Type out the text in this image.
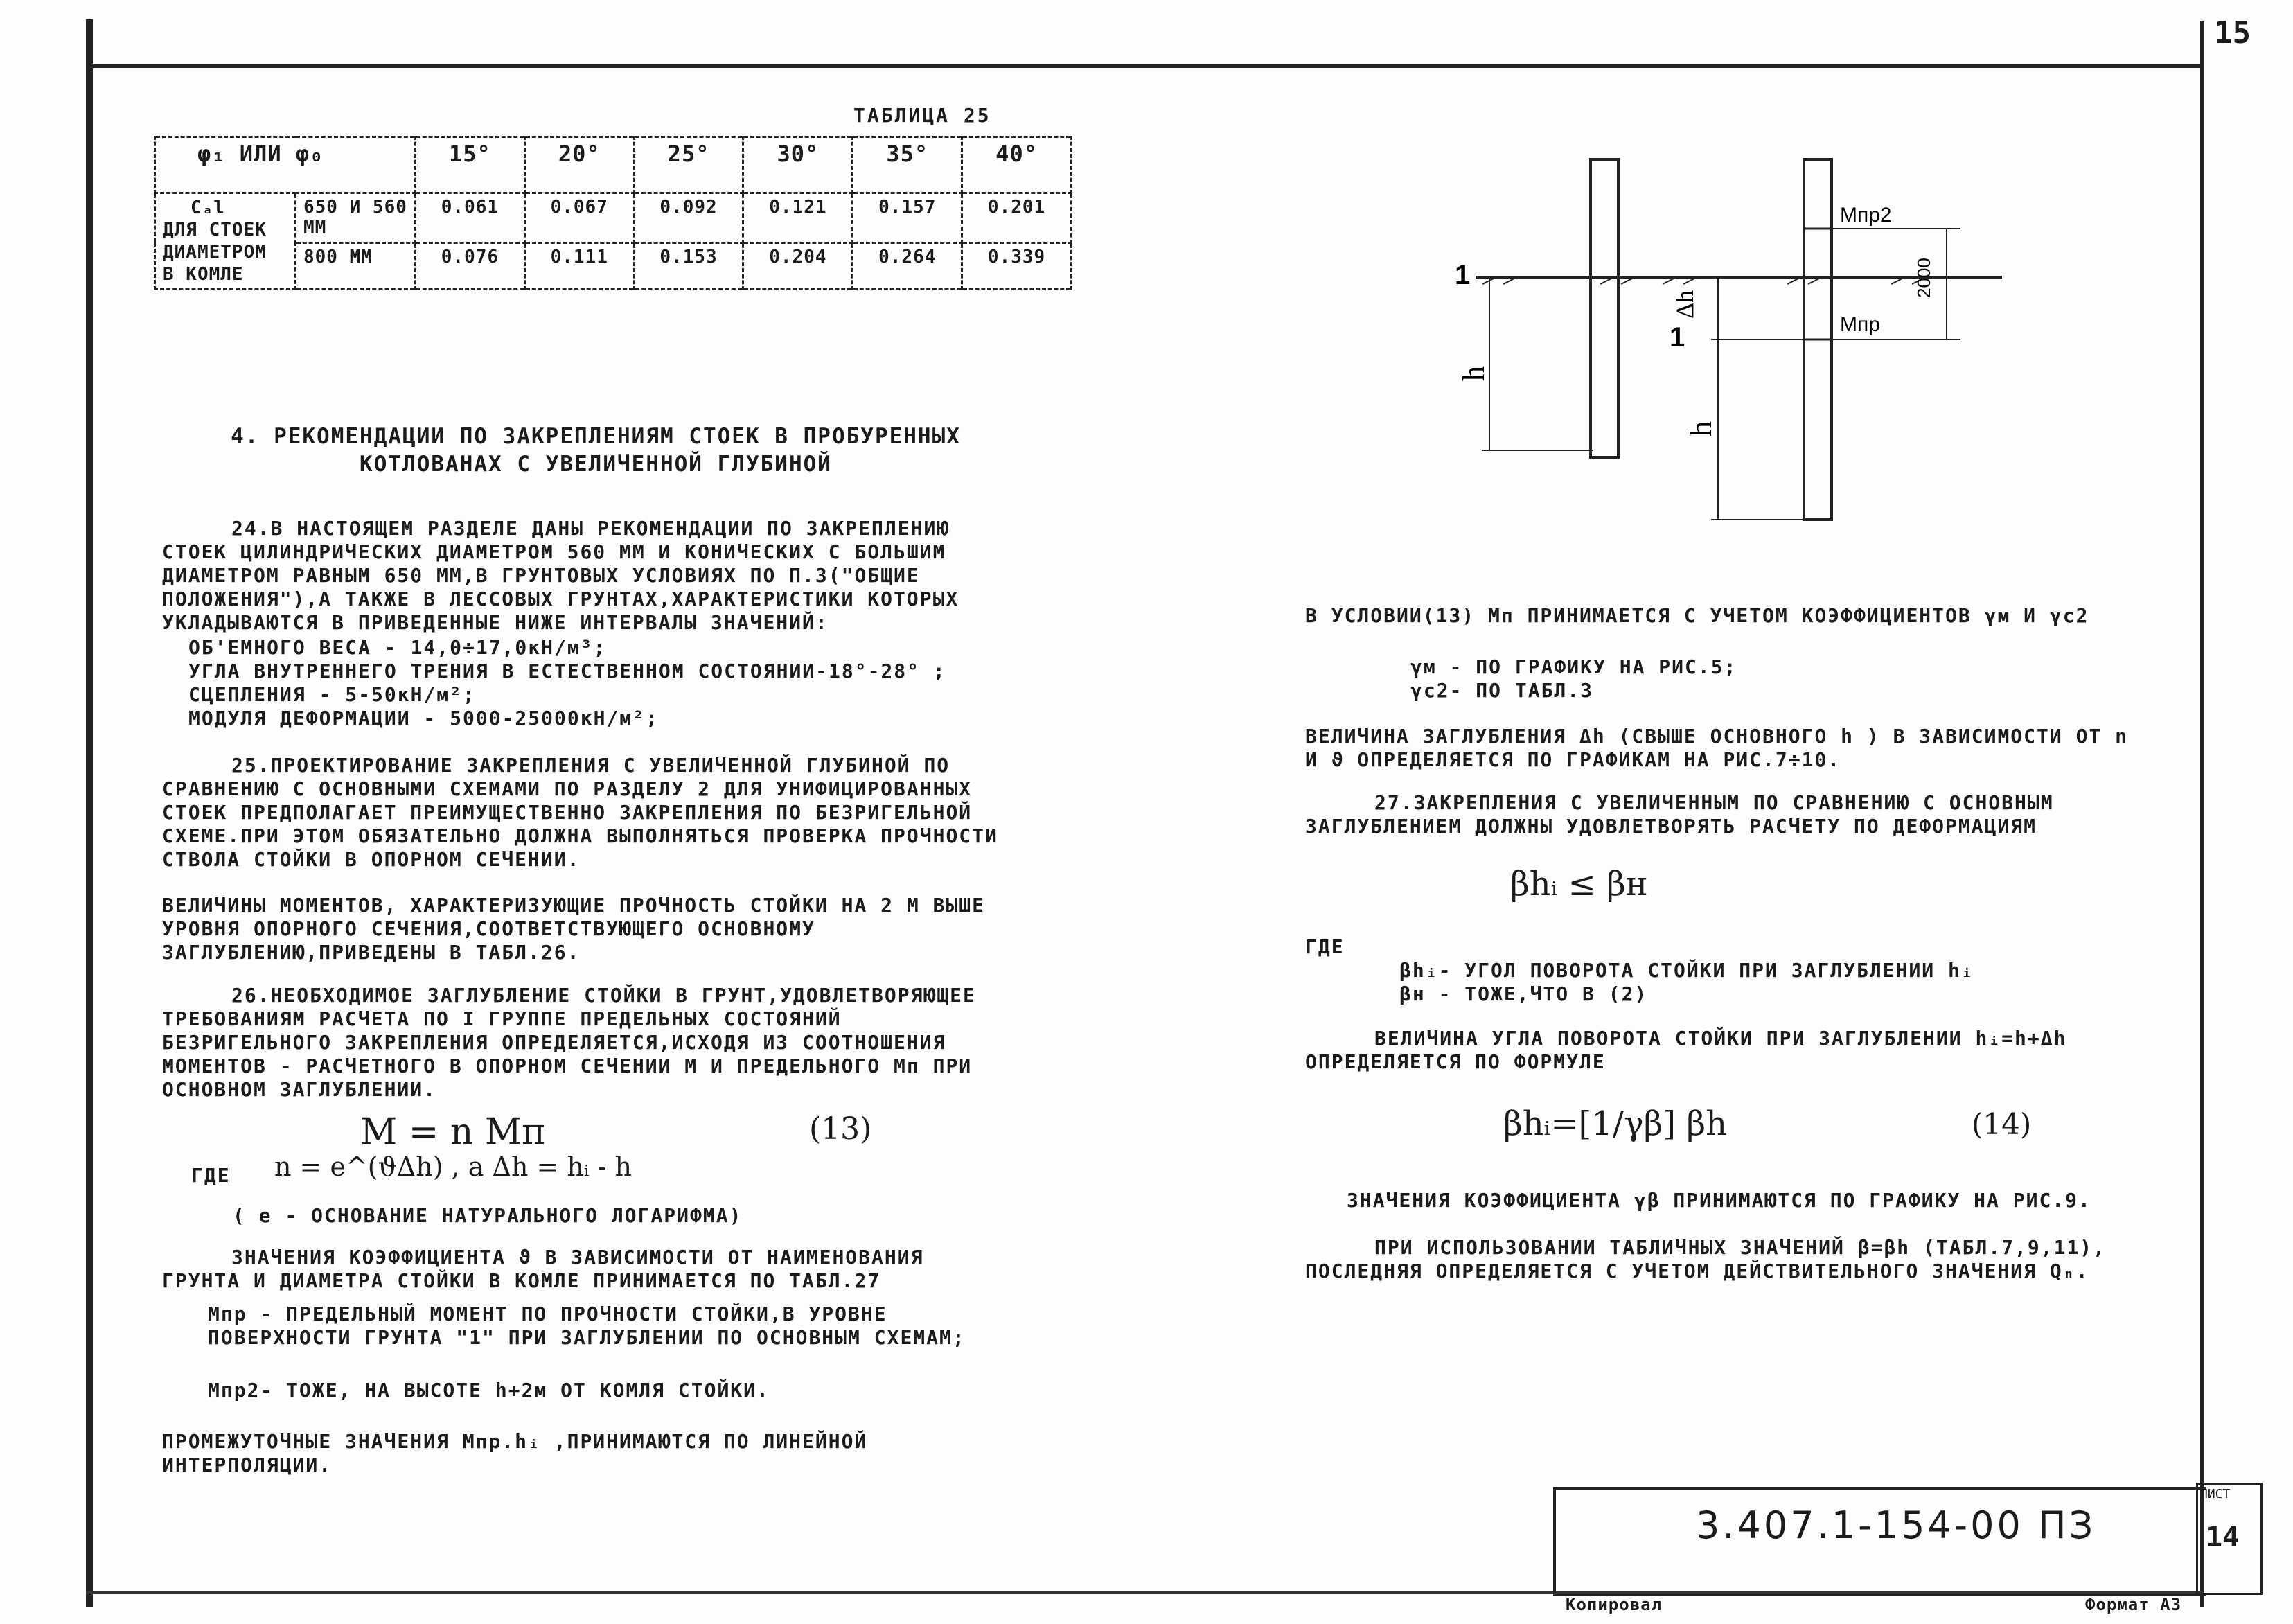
15
ТАБЛИЦА 25
φ₁ ИЛИ φ₀		15°	20°	25°	30°	35°	40°

Cₐl
ДЛЯ СТОЕК
ДИАМЕТРОМ
В КОМЛЕ	650 И 560 ММ	0.061	0.067	0.092	0.121	0.157	0.201
	800 ММ	0.076	0.111	0.153	0.204	0.264	0.339
4. РЕКОМЕНДАЦИИ ПО ЗАКРЕПЛЕНИЯМ СТОЕК В ПРОБУРЕННЫХ КОТЛОВАНАХ С УВЕЛИЧЕННОЙ ГЛУБИНОЙ
24.В НАСТОЯЩЕМ РАЗДЕЛЕ ДАНЫ РЕКОМЕНДАЦИИ ПО ЗАКРЕПЛЕНИЮ СТОЕК ЦИЛИНДРИЧЕСКИХ ДИАМЕТРОМ 560 ММ И КОНИЧЕСКИХ С БОЛЬШИМ ДИАМЕТРОМ РАВНЫМ 650 ММ,В ГРУНТОВЫХ УСЛОВИЯХ ПО П.3("ОБЩИЕ ПОЛОЖЕНИЯ"),А ТАКЖЕ В ЛЕССОВЫХ ГРУНТАХ,ХАРАКТЕРИСТИКИ КОТОРЫХ УКЛАДЫВАЮТСЯ В ПРИВЕДЕННЫЕ НИЖЕ ИНТЕРВАЛЫ ЗНАЧЕНИЙ:
ОБ'ЕМНОГО ВЕСА - 14,0÷17,0кН/м³;
УГЛА ВНУТРЕННЕГО ТРЕНИЯ В ЕСТЕСТВЕННОМ СОСТОЯНИИ-18°-28° ;
СЦЕПЛЕНИЯ - 5-50кН/м²;
МОДУЛЯ ДЕФОРМАЦИИ - 5000-25000кН/м²;
25.ПРОЕКТИРОВАНИЕ ЗАКРЕПЛЕНИЯ С УВЕЛИЧЕННОЙ ГЛУБИНОЙ ПО СРАВНЕНИЮ С ОСНОВНЫМИ СХЕМАМИ ПО РАЗДЕЛУ 2 ДЛЯ УНИФИЦИРОВАННЫХ СТОЕК ПРЕДПОЛАГАЕТ ПРЕИМУЩЕСТВЕННО ЗАКРЕПЛЕНИЯ ПО БЕЗРИГЕЛЬНОЙ СХЕМЕ.ПРИ ЭТОМ ОБЯЗАТЕЛЬНО ДОЛЖНА ВЫПОЛНЯТЬСЯ ПРОВЕРКА ПРОЧНОСТИ СТВОЛА СТОЙКИ В ОПОРНОМ СЕЧЕНИИ.
ВЕЛИЧИНЫ МОМЕНТОВ, ХАРАКТЕРИЗУЮЩИЕ ПРОЧНОСТЬ СТОЙКИ НА 2 М ВЫШЕ УРОВНЯ ОПОРНОГО СЕЧЕНИЯ,СООТВЕТСТВУЮЩЕГО ОСНОВНОМУ ЗАГЛУБЛЕНИЮ,ПРИВЕДЕНЫ В ТАБЛ.26.
26.НЕОБХОДИМОЕ ЗАГЛУБЛЕНИЕ СТОЙКИ В ГРУНТ,УДОВЛЕТВОРЯЮЩЕЕ ТРЕБОВАНИЯМ РАСЧЕТА ПО I ГРУППЕ ПРЕДЕЛЬНЫХ СОСТОЯНИЙ БЕЗРИГЕЛЬНОГО ЗАКРЕПЛЕНИЯ ОПРЕДЕЛЯЕТСЯ,ИСХОДЯ ИЗ СООТНОШЕНИЯ МОМЕНТОВ - РАСЧЕТНОГО В ОПОРНОМ СЕЧЕНИИ M И ПРЕДЕЛЬНОГО Mп ПРИ ОСНОВНОМ ЗАГЛУБЛЕНИИ.
M = n Mп	(13)
ГДЕ n = e^(ϑΔh) , a Δh = hᵢ - h
( e - ОСНОВАНИЕ НАТУРАЛЬНОГО ЛОГАРИФМА)
ЗНАЧЕНИЯ КОЭФФИЦИЕНТА ϑ В ЗАВИСИМОСТИ ОТ НАИМЕНОВАНИЯ ГРУНТА И ДИАМЕТРА СТОЙКИ В КОМЛЕ ПРИНИМАЕТСЯ ПО ТАБЛ.27
Mпр - ПРЕДЕЛЬНЫЙ МОМЕНТ ПО ПРОЧНОСТИ СТОЙКИ,В УРОВНЕ ПОВЕРХНОСТИ ГРУНТА "1" ПРИ ЗАГЛУБЛЕНИИ ПО ОСНОВНЫМ СХЕМАМ;
Mпр2- ТОЖЕ, НА ВЫСОТЕ h+2м ОТ КОМЛЯ СТОЙКИ.
ПРОМЕЖУТОЧНЫЕ ЗНАЧЕНИЯ Mпр.hᵢ ,ПРИНИМАЮТСЯ ПО ЛИНЕЙНОЙ ИНТЕРПОЛЯЦИИ.
1
1
Mпр2
Mпр
2000
Δh
h
h
В УСЛОВИИ(13) Mп ПРИНИМАЕТСЯ С УЧЕТОМ КОЭФФИЦИЕНТОВ γм И γc2
γм - ПО ГРАФИКУ НА РИС.5;
γc2- ПО ТАБЛ.3
ВЕЛИЧИНА ЗАГЛУБЛЕНИЯ Δh (СВЫШЕ ОСНОВНОГО h ) В ЗАВИСИМОСТИ ОТ n И ϑ ОПРЕДЕЛЯЕТСЯ ПО ГРАФИКАМ НА РИС.7÷10.
27.ЗАКРЕПЛЕНИЯ С УВЕЛИЧЕННЫМ ПО СРАВНЕНИЮ С ОСНОВНЫМ ЗАГЛУБЛЕНИЕМ ДОЛЖНЫ УДОВЛЕТВОРЯТЬ РАСЧЕТУ ПО ДЕФОРМАЦИЯМ
βhᵢ ≤ βн
ГДЕ
βhᵢ- УГОЛ ПОВОРОТА СТОЙКИ ПРИ ЗАГЛУБЛЕНИИ hᵢ
βн - ТОЖЕ,ЧТО В (2)
ВЕЛИЧИНА УГЛА ПОВОРОТА СТОЙКИ ПРИ ЗАГЛУБЛЕНИИ hᵢ=h+Δh ОПРЕДЕЛЯЕТСЯ ПО ФОРМУЛЕ
βhᵢ=[1/γβ] βh	(14)
ЗНАЧЕНИЯ КОЭФФИЦИЕНТА γβ ПРИНИМАЮТСЯ ПО ГРАФИКУ НА РИС.9.
ПРИ ИСПОЛЬЗОВАНИИ ТАБЛИЧНЫХ ЗНАЧЕНИЙ β=βh (ТАБЛ.7,9,11), ПОСЛЕДНЯЯ ОПРЕДЕЛЯЕТСЯ С УЧЕТОМ ДЕЙСТВИТЕЛЬНОГО ЗНАЧЕНИЯ Qₙ.
3.407.1-154-00 ПЗ
ЛИСТ
14
Копировал	Формат А3
